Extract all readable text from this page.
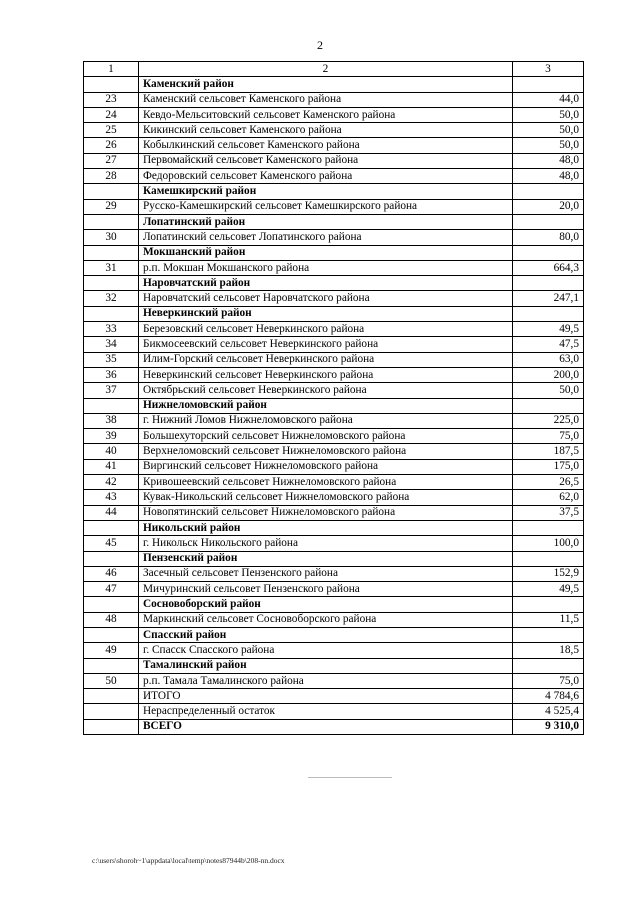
2
1	2	3
	Каменский район	
23	Каменский сельсовет Каменского района	44,0
24	Кевдо-Мельситовский сельсовет Каменского района	50,0
25	Кикинский сельсовет Каменского района	50,0
26	Кобылкинский сельсовет Каменского района	50,0
27	Первомайский сельсовет Каменского района	48,0
28	Федоровский сельсовет Каменского района	48,0
	Камешкирский район	
29	Русско-Камешкирский сельсовет Камешкирского района	20,0
	Лопатинский район	
30	Лопатинский сельсовет Лопатинского района	80,0
	Мокшанский район	
31	р.п. Мокшан Мокшанского района	664,3
	Наровчатский район	
32	Наровчатский сельсовет Наровчатского района	247,1
	Неверкинский район	
33	Березовский сельсовет Неверкинского района	49,5
34	Бикмосеевский сельсовет Неверкинского района	47,5
35	Илим-Горский сельсовет Неверкинского района	63,0
36	Неверкинский сельсовет Неверкинского района	200,0
37	Октябрьский сельсовет Неверкинского района	50,0
	Нижнеломовский район	
38	г. Нижний Ломов Нижнеломовского района	225,0
39	Большехуторский сельсовет Нижнеломовского района	75,0
40	Верхнеломовский сельсовет Нижнеломовского района	187,5
41	Виргинский сельсовет Нижнеломовского района	175,0
42	Кривошеевский сельсовет Нижнеломовского района	26,5
43	Кувак-Никольский сельсовет Нижнеломовского района	62,0
44	Новопятинский сельсовет Нижнеломовского района	37,5
	Никольский район	
45	г. Никольск Никольского района	100,0
	Пензенский район	
46	Засечный сельсовет Пензенского района	152,9
47	Мичуринский сельсовет Пензенского района	49,5
	Сосновоборский район	
48	Маркинский сельсовет Сосновоборского района	11,5
	Спасский район	
49	г. Спасск Спасского района	18,5
	Тамалинский район	
50	р.п. Тамала Тамалинского района	75,0
	ИТОГО	4 784,6
	Нераспределенный остаток	4 525,4
	ВСЕГО	9 310,0
c:\users\shoroh~1\appdata\local\temp\notes87944b\208-nn.docx
